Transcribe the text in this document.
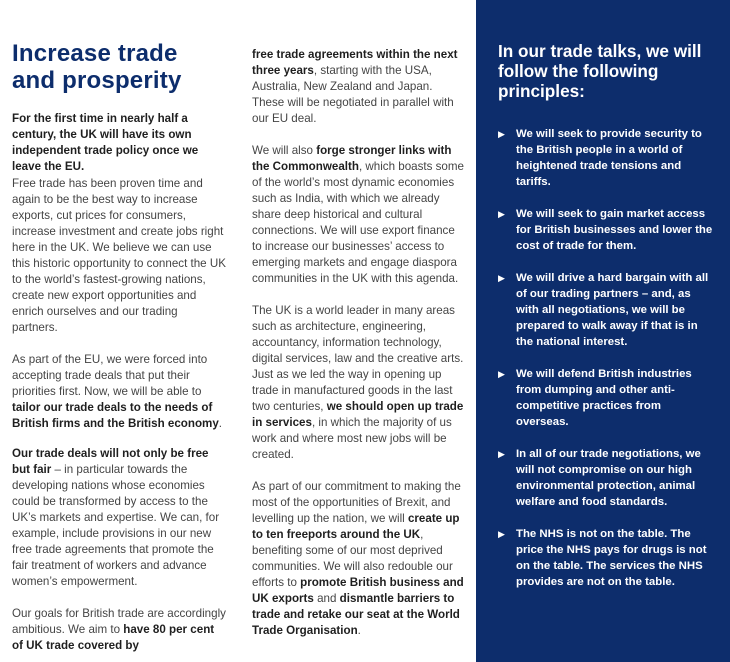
Increase trade and prosperity

For the first time in nearly half a century, the UK will have its own independent trade policy once we leave the EU.

Free trade has been proven time and again to be the best way to increase exports, cut prices for consumers, increase investment and create jobs right here in the UK. We believe we can use this historic opportunity to connect the UK to the world’s fastest-growing nations, create new export opportunities and enrich ourselves and our trading partners.

As part of the EU, we were forced into accepting trade deals that put their priorities first. Now, we will be able to tailor our trade deals to the needs of British firms and the British economy.

Our trade deals will not only be free but fair – in particular towards the developing nations whose economies could be transformed by access to the UK’s markets and expertise. We can, for example, include provisions in our new free trade agreements that promote the fair treatment of workers and advance women’s empowerment.

Our goals for British trade are accordingly ambitious. We aim to have 80 per cent of UK trade covered by

free trade agreements within the next three years, starting with the USA, Australia, New Zealand and Japan. These will be negotiated in parallel with our EU deal.

We will also forge stronger links with the Commonwealth, which boasts some of the world’s most dynamic economies such as India, with which we already share deep historical and cultural connections. We will use export finance to increase our businesses’ access to emerging markets and engage diaspora communities in the UK with this agenda.

The UK is a world leader in many areas such as architecture, engineering, accountancy, information technology, digital services, law and the creative arts. Just as we led the way in opening up trade in manufactured goods in the last two centuries, we should open up trade in services, in which the majority of us work and where most new jobs will be created.

As part of our commitment to making the most of the opportunities of Brexit, and levelling up the nation, we will create up to ten freeports around the UK, benefiting some of our most deprived communities. We will also redouble our efforts to promote British business and UK exports and dismantle barriers to trade and retake our seat at the World Trade Organisation.

In our trade talks, we will follow the following principles:
▶ We will seek to provide security to the British people in a world of heightened trade tensions and tariffs.
▶ We will seek to gain market access for British businesses and lower the cost of trade for them.
▶ We will drive a hard bargain with all of our trading partners – and, as with all negotiations, we will be prepared to walk away if that is in the national interest.
▶ We will defend British industries from dumping and other anti-competitive practices from overseas.
▶ In all of our trade negotiations, we will not compromise on our high environmental protection, animal welfare and food standards.
▶ The NHS is not on the table. The price the NHS pays for drugs is not on the table. The services the NHS provides are not on the table.
